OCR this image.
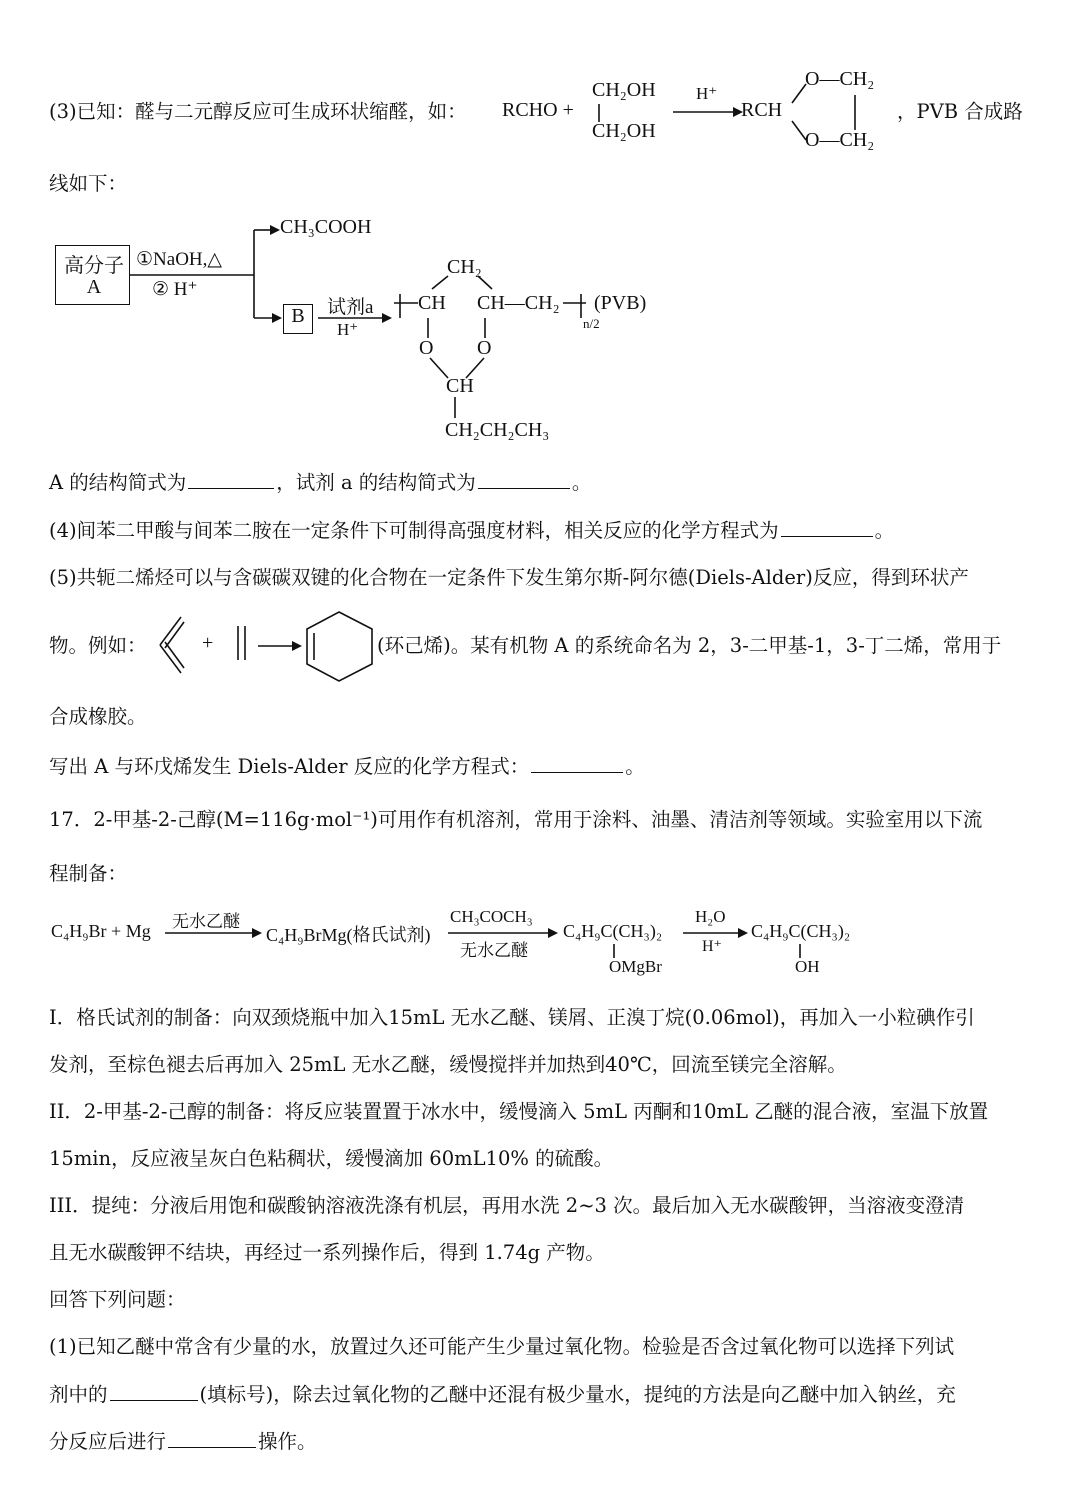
(3)已知：醛与二元醇反应可生成环状缩醛，如： RCHO +
CH₂OH
CH₂OH
H⁺
RCH
O—CH₂
O—CH₂
，PVB 合成路
线如下：
高分子
A
①NaOH,△
② H⁺
CH₃COOH
B	试剂a
H⁺
CH₂
CH CH—CH₂
n/2
(PVB)
O O
CH
CH₂CH₂CH₃
A 的结构简式为	，试剂 a 的结构简式为	。
(4)间苯二甲酸与间苯二胺在一定条件下可制得高强度材料，相关反应的化学方程式为	。
(5)共轭二烯烃可以与含碳碳双键的化合物在一定条件下发生第尔斯-阿尔德(Diels-Alder)反应，得到环状产
物。例如：	+	(环己烯)。某有机物 A 的系统命名为 2，3-二甲基-1，3-丁二烯，常用于
合成橡胶。
写出 A 与环戊烯发生 Diels-Alder 反应的化学方程式：	。
17．2-甲基-2-己醇(M=116g·mol⁻¹)可用作有机溶剂，常用于涂料、油墨、清洁剂等领域。实验室用以下流
程制备：
C₄H₉Br + Mg 无水乙醚
C₄H₉BrMg(格氏试剂)
CH₃COCH₃
无水乙醚
C₄H₉C(CH₃)₂
OMgBr
H₂O
H⁺
C₄H₉C(CH₃)₂
OH
I．格氏试剂的制备：向双颈烧瓶中加入15mL 无水乙醚、镁屑、正溴丁烷(0.06mol)，再加入一小粒碘作引
发剂，至棕色褪去后再加入 25mL 无水乙醚，缓慢搅拌并加热到40℃，回流至镁完全溶解。
II．2-甲基-2-己醇的制备：将反应装置置于冰水中，缓慢滴入 5mL 丙酮和10mL 乙醚的混合液，室温下放置
15min，反应液呈灰白色粘稠状，缓慢滴加 60mL10% 的硫酸。
III．提纯：分液后用饱和碳酸钠溶液洗涤有机层，再用水洗 2~3 次。最后加入无水碳酸钾，当溶液变澄清
且无水碳酸钾不结块，再经过一系列操作后，得到 1.74g 产物。
回答下列问题：
(1)已知乙醚中常含有少量的水，放置过久还可能产生少量过氧化物。检验是否含过氧化物可以选择下列试
剂中的	(填标号)，除去过氧化物的乙醚中还混有极少量水，提纯的方法是向乙醚中加入钠丝，充
分反应后进行	操作。
